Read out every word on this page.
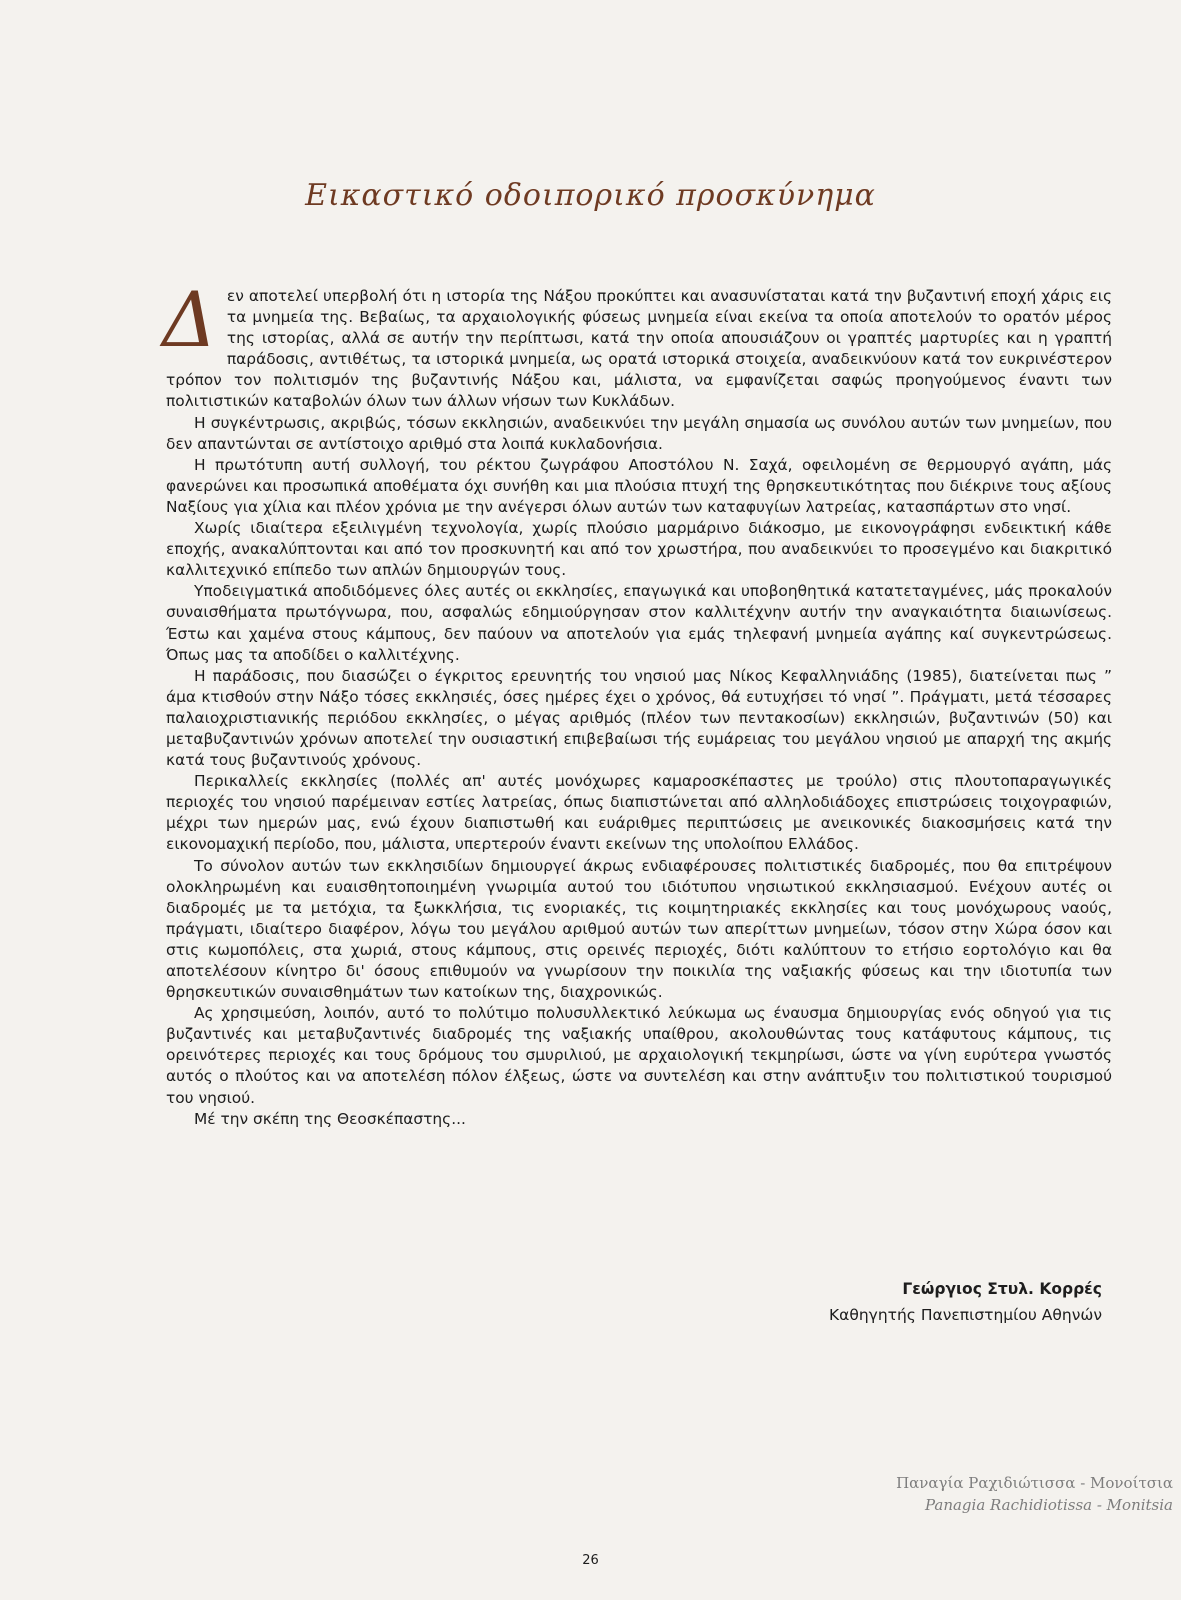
Εικαστικό οδοιπορικό προσκύνημα

Δεν αποτελεί υπερβολή ότι η ιστορία της Νάξου προκύπτει και ανασυνίσταται κατά την βυζαντινή εποχή χάρις εις τα μνημεία της. Βεβαίως, τα αρχαιολογικής φύσεως μνημεία είναι εκείνα τα οποία αποτελούν το ορατόν μέρος της ιστορίας, αλλά σε αυτήν την περίπτωσι, κατά την οποία απουσιάζουν οι γραπτές μαρτυρίες και η γραπτή παράδοσις, αντιθέτως, τα ιστορικά μνημεία, ως ορατά ιστορικά στοιχεία, αναδεικνύουν κατά τον ευκρινέστερον τρόπον τον πολιτισμόν της βυζαντινής Νάξου και, μάλιστα, να εμφανίζεται σαφώς προηγούμενος έναντι των πολιτιστικών καταβολών όλων των άλλων νήσων των Κυκλάδων.

Η συγκέντρωσις, ακριβώς, τόσων εκκλησιών, αναδεικνύει την μεγάλη σημασία ως συνόλου αυτών των μνημείων, που δεν απαντώνται σε αντίστοιχο αριθμό στα λοιπά κυκλαδονήσια.

Η πρωτότυπη αυτή συλλογή, του ρέκτου ζωγράφου Αποστόλου Ν. Σαχά, οφειλομένη σε θερμουργό αγάπη, μάς φανερώνει και προσωπικά αποθέματα όχι συνήθη και μια πλούσια πτυχή της θρησκευτικότητας που διέκρινε τους αξίους Ναξίους για χίλια και πλέον χρόνια με την ανέγερσι όλων αυτών των καταφυγίων λατρείας, κατασπάρτων στο νησί.

Χωρίς ιδιαίτερα εξειλιγμένη τεχνολογία, χωρίς πλούσιο μαρμάρινο διάκοσμο, με εικονογράφησι ενδεικτική κάθε εποχής, ανακαλύπτονται και από τον προσκυνητή και από τον χρωστήρα, που αναδεικνύει το προσεγμένο και διακριτικό καλλιτεχνικό επίπεδο των απλών δημιουργών τους.

Υποδειγματικά αποδιδόμενες όλες αυτές οι εκκλησίες, επαγωγικά και υποβοηθητικά κατατεταγμένες, μάς προκαλούν συναισθήματα πρωτόγνωρα, που, ασφαλώς εδημιούργησαν στον καλλιτέχνην αυτήν την αναγκαιότητα διαιωνίσεως. Έστω και χαμένα στους κάμπους, δεν παύουν να αποτελούν για εμάς τηλεφανή μνημεία αγάπης καί συγκεντρώσεως. Όπως μας τα αποδίδει ο καλλιτέχνης.

Η παράδοσις, που διασώζει ο έγκριτος ερευνητής του νησιού μας Νίκος Κεφαλληνιάδης (1985), διατείνεται πως ” άμα κτισθούν στην Νάξο τόσες εκκλησιές, όσες ημέρες έχει ο χρόνος, θά ευτυχήσει τό νησί ”. Πράγματι, μετά τέσσαρες παλαιοχριστιανικής περιόδου εκκλησίες, ο μέγας αριθμός (πλέον των πεντακοσίων) εκκλησιών, βυζαντινών (50) και μεταβυζαντινών χρόνων αποτελεί την ουσιαστική επιβεβαίωσι τής ευμάρειας του μεγάλου νησιού με απαρχή της ακμής κατά τους βυζαντινούς χρόνους.

Περικαλλείς εκκλησίες (πολλές απ' αυτές μονόχωρες καμαροσκέπαστες με τρούλο) στις πλουτοπαραγωγικές περιοχές του νησιού παρέμειναν εστίες λατρείας, όπως διαπιστώνεται από αλληλοδιάδοχες επιστρώσεις τοιχογραφιών, μέχρι των ημερών μας, ενώ έχουν διαπιστωθή και ευάριθμες περιπτώσεις με ανεικονικές διακοσμήσεις κατά την εικονομαχική περίοδο, που, μάλιστα, υπερτερούν έναντι εκείνων της υπολοίπου Ελλάδος.

Το σύνολον αυτών των εκκλησιδίων δημιουργεί άκρως ενδιαφέρουσες πολιτιστικές διαδρομές, που θα επιτρέψουν ολοκληρωμένη και ευαισθητοποιημένη γνωριμία αυτού του ιδιότυπου νησιωτικού εκκλησιασμού. Ενέχουν αυτές οι διαδρομές με τα μετόχια, τα ξωκκλήσια, τις ενοριακές, τις κοιμητηριακές εκκλησίες και τους μονόχωρους ναούς, πράγματι, ιδιαίτερο διαφέρον, λόγω του μεγάλου αριθμού αυτών των απερίττων μνημείων, τόσον στην Χώρα όσον και στις κωμοπόλεις, στα χωριά, στους κάμπους, στις ορεινές περιοχές, διότι καλύπτουν το ετήσιο εορτολόγιο και θα αποτελέσουν κίνητρο δι' όσους επιθυμούν να γνωρίσουν την ποικιλία της ναξιακής φύσεως και την ιδιοτυπία των θρησκευτικών συναισθημάτων των κατοίκων της, διαχρονικώς.

Ας χρησιμεύση, λοιπόν, αυτό το πολύτιμο πολυσυλλεκτικό λεύκωμα ως έναυσμα δημιουργίας ενός οδηγού για τις βυζαντινές και μεταβυζαντινές διαδρομές της ναξιακής υπαίθρου, ακολουθώντας τους κατάφυτους κάμπους, τις ορεινότερες περιοχές και τους δρόμους του σμυριλιού, με αρχαιολογική τεκμηρίωσι, ώστε να γίνη ευρύτερα γνωστός αυτός ο πλούτος και να αποτελέση πόλον έλξεως, ώστε να συντελέση και στην ανάπτυξιν του πολιτιστικού τουρισμού του νησιού.

Μέ την σκέπη της Θεοσκέπαστης...

Γεώργιος Στυλ. Κορρές
Καθηγητής Πανεπιστημίου Αθηνών
Παναγία Ραχιδιώτισσα - Μονοίτσια
Panagia Rachidiotissa - Monitsia
26
